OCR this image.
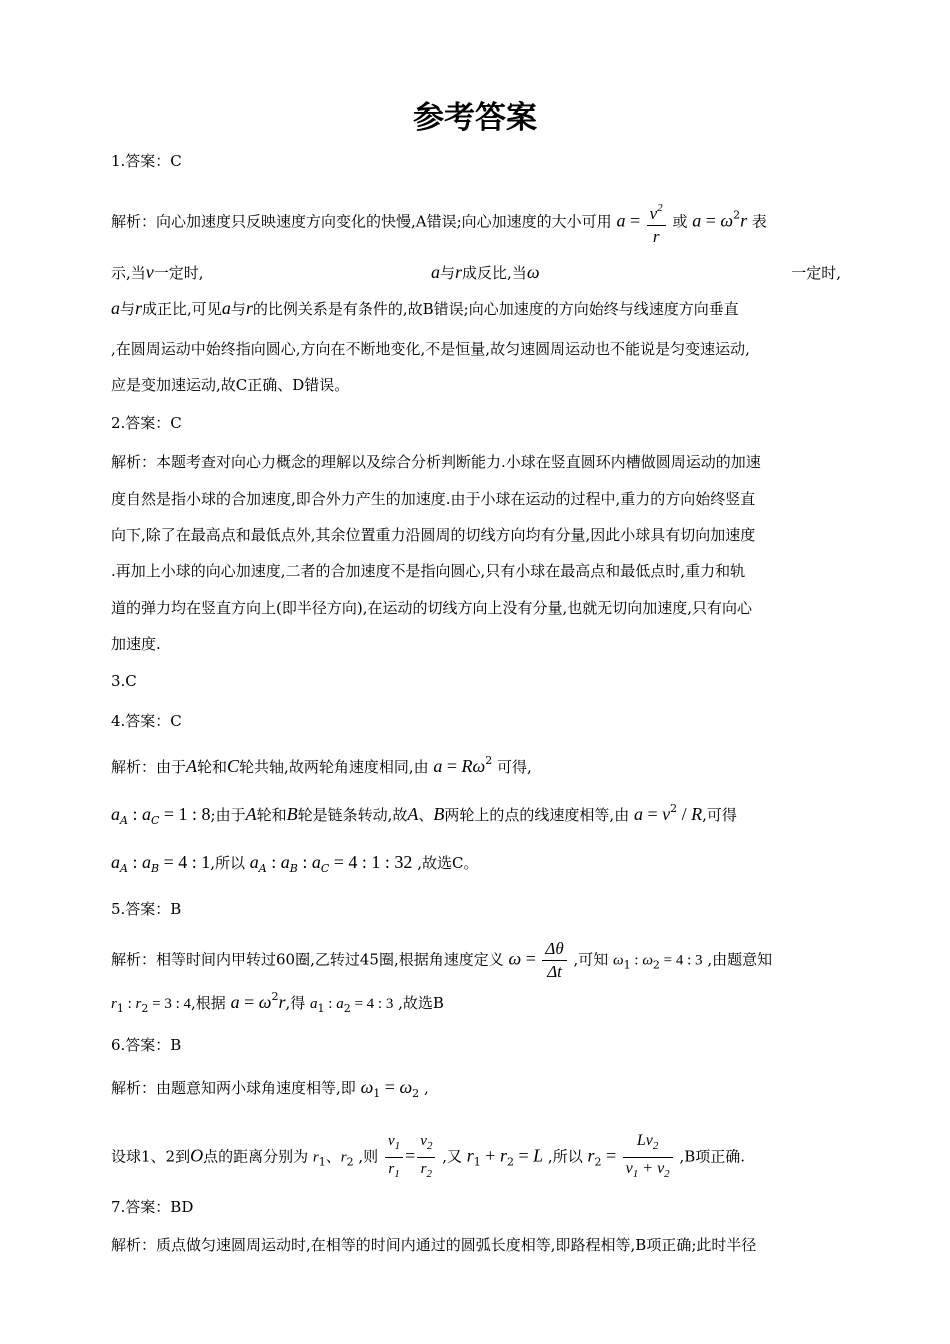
参考答案
1.答案：C
解析：向心加速度只反映速度方向变化的快慢,A错误;向心加速度的大小可用 $a = \frac{v^2}{r}$ 或 $a = \omega^2r$ 表
示,当v一定时,	a与r成反比,当ω	一定时,
a与r成正比,可见a与r的比例关系是有条件的,故B错误;向心加速度的方向始终与线速度方向垂直
,在圆周运动中始终指向圆心,方向在不断地变化,不是恒量,故匀速圆周运动也不能说是匀变速运动,
应是变加速运动,故C正确、D错误。
2.答案：C
解析：本题考查对向心力概念的理解以及综合分析判断能力.小球在竖直圆环内槽做圆周运动的加速
度自然是指小球的合加速度,即合外力产生的加速度.由于小球在运动的过程中,重力的方向始终竖直
向下,除了在最高点和最低点外,其余位置重力沿圆周的切线方向均有分量,因此小球具有切向加速度
.再加上小球的向心加速度,二者的合加速度不是指向圆心,只有小球在最高点和最低点时,重力和轨
道的弹力均在竖直方向上(即半径方向),在运动的切线方向上没有分量,也就无切向加速度,只有向心
加速度.
3.C
4.答案：C
解析：由于A轮和C轮共轴,故两轮角速度相同,由 $a = R\omega^2$ 可得,
$a_A$ : $a_C = 1$ : 8;由于A轮和B轮是链条转动,故A、B两轮上的点的线速度相等,由 $a = v^2 / R$,可得
$a_A$ : $a_B = 4$ : 1,所以 $a_A$ : $a_B$ : $a_C = 4$ : 1 : 32 ,故选C。
5.答案：B
解析：相等时间内甲转过60圈,乙转过45圈,根据角速度定义 $\omega = \frac{\Delta\theta}{\Delta t}$ ,可知 $\omega_1$ : $\omega_2 = 4$ : 3 ,由题意知
$r_1$ : $r_2 = 3$ : 4,根据 $a = \omega^2r$,得 $a_1$ : $a_2 = 4$ : 3 ,故选B
6.答案：B
解析：由题意知两小球角速度相等,即 $\omega_1 = \omega_2$ ,
设球1、2到O点的距离分别为 $r_1$、$r_2$ ,则 $\frac{v_1}{r_1} = \frac{v_2}{r_2}$ ,又 $r_1 + r_2 = L$ ,所以 $r_2 = \frac{Lv_2}{v_1 + v_2} ,B$项正确.
7.答案：BD
解析：质点做匀速圆周运动时,在相等的时间内通过的圆弧长度相等,即路程相等,B项正确;此时半径
